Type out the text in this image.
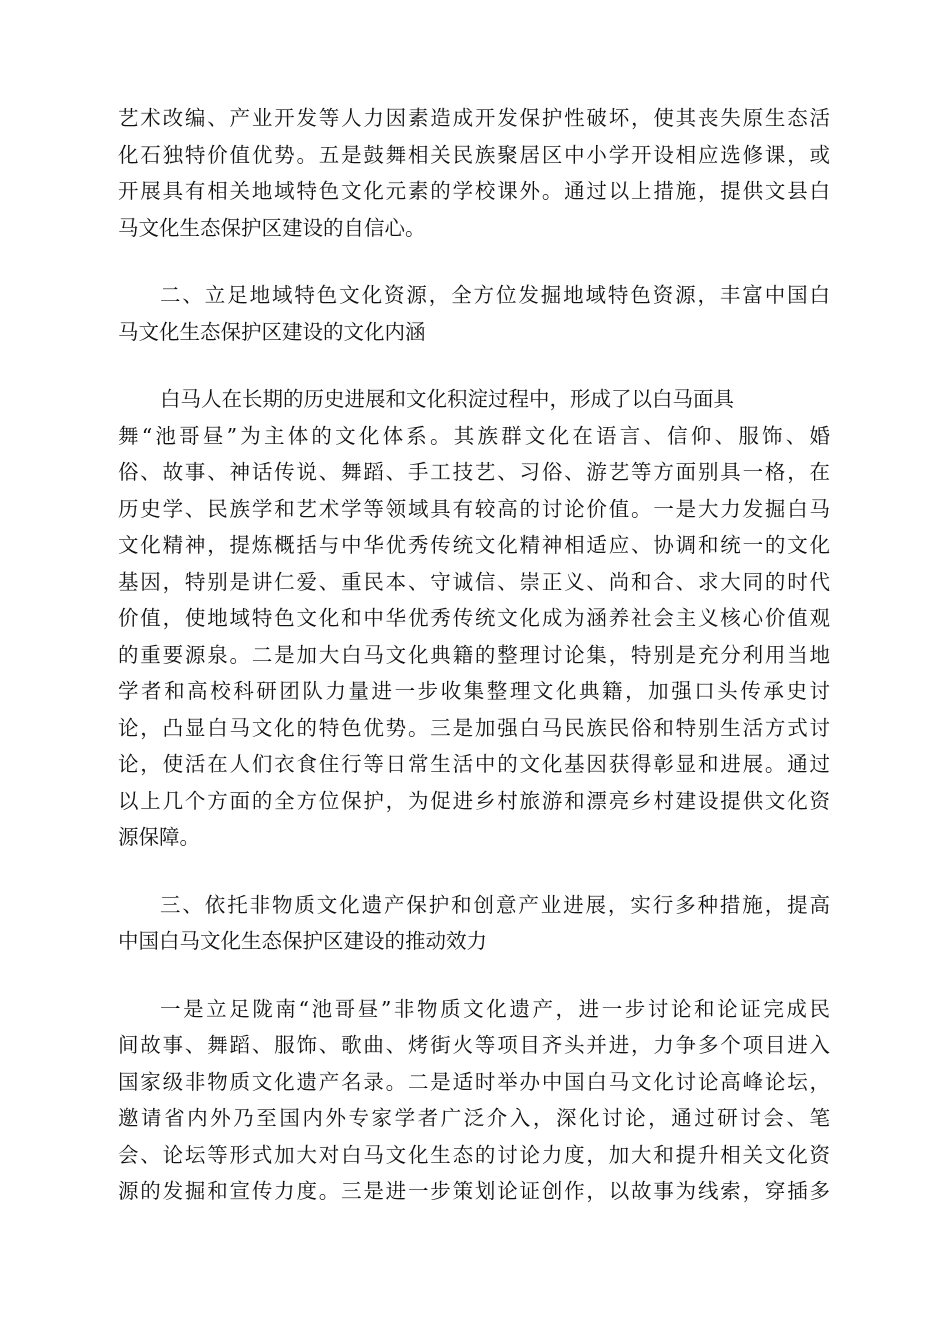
艺术改编、产业开发等人力因素造成开发保护性破坏，使其丧失原生态活
化石独特价值优势。五是鼓舞相关民族聚居区中小学开设相应选修课，或
开展具有相关地域特色文化元素的学校课外。通过以上措施，提供文县白
马文化生态保护区建设的自信心。
二、立足地域特色文化资源，全方位发掘地域特色资源，丰富中国白
马文化生态保护区建设的文化内涵
白马人在长期的历史进展和文化积淀过程中，形成了以白马面具
舞“池哥昼”为主体的文化体系。其族群文化在语言、信仰、服饰、婚
俗、故事、神话传说、舞蹈、手工技艺、习俗、游艺等方面别具一格，在
历史学、民族学和艺术学等领域具有较高的讨论价值。一是大力发掘白马
文化精神，提炼概括与中华优秀传统文化精神相适应、协调和统一的文化
基因，特别是讲仁爱、重民本、守诚信、崇正义、尚和合、求大同的时代
价值，使地域特色文化和中华优秀传统文化成为涵养社会主义核心价值观
的重要源泉。二是加大白马文化典籍的整理讨论集，特别是充分利用当地
学者和高校科研团队力量进一步收集整理文化典籍，加强口头传承史讨
论，凸显白马文化的特色优势。三是加强白马民族民俗和特别生活方式讨
论，使活在人们衣食住行等日常生活中的文化基因获得彰显和进展。通过
以上几个方面的全方位保护，为促进乡村旅游和漂亮乡村建设提供文化资
源保障。
三、依托非物质文化遗产保护和创意产业进展，实行多种措施，提高
中国白马文化生态保护区建设的推动效力
一是立足陇南“池哥昼”非物质文化遗产，进一步讨论和论证完成民
间故事、舞蹈、服饰、歌曲、烤街火等项目齐头并进，力争多个项目进入
国家级非物质文化遗产名录。二是适时举办中国白马文化讨论高峰论坛，
邀请省内外乃至国内外专家学者广泛介入，深化讨论，通过研讨会、笔
会、论坛等形式加大对白马文化生态的讨论力度，加大和提升相关文化资
源的发掘和宣传力度。三是进一步策划论证创作，以故事为线索，穿插多
